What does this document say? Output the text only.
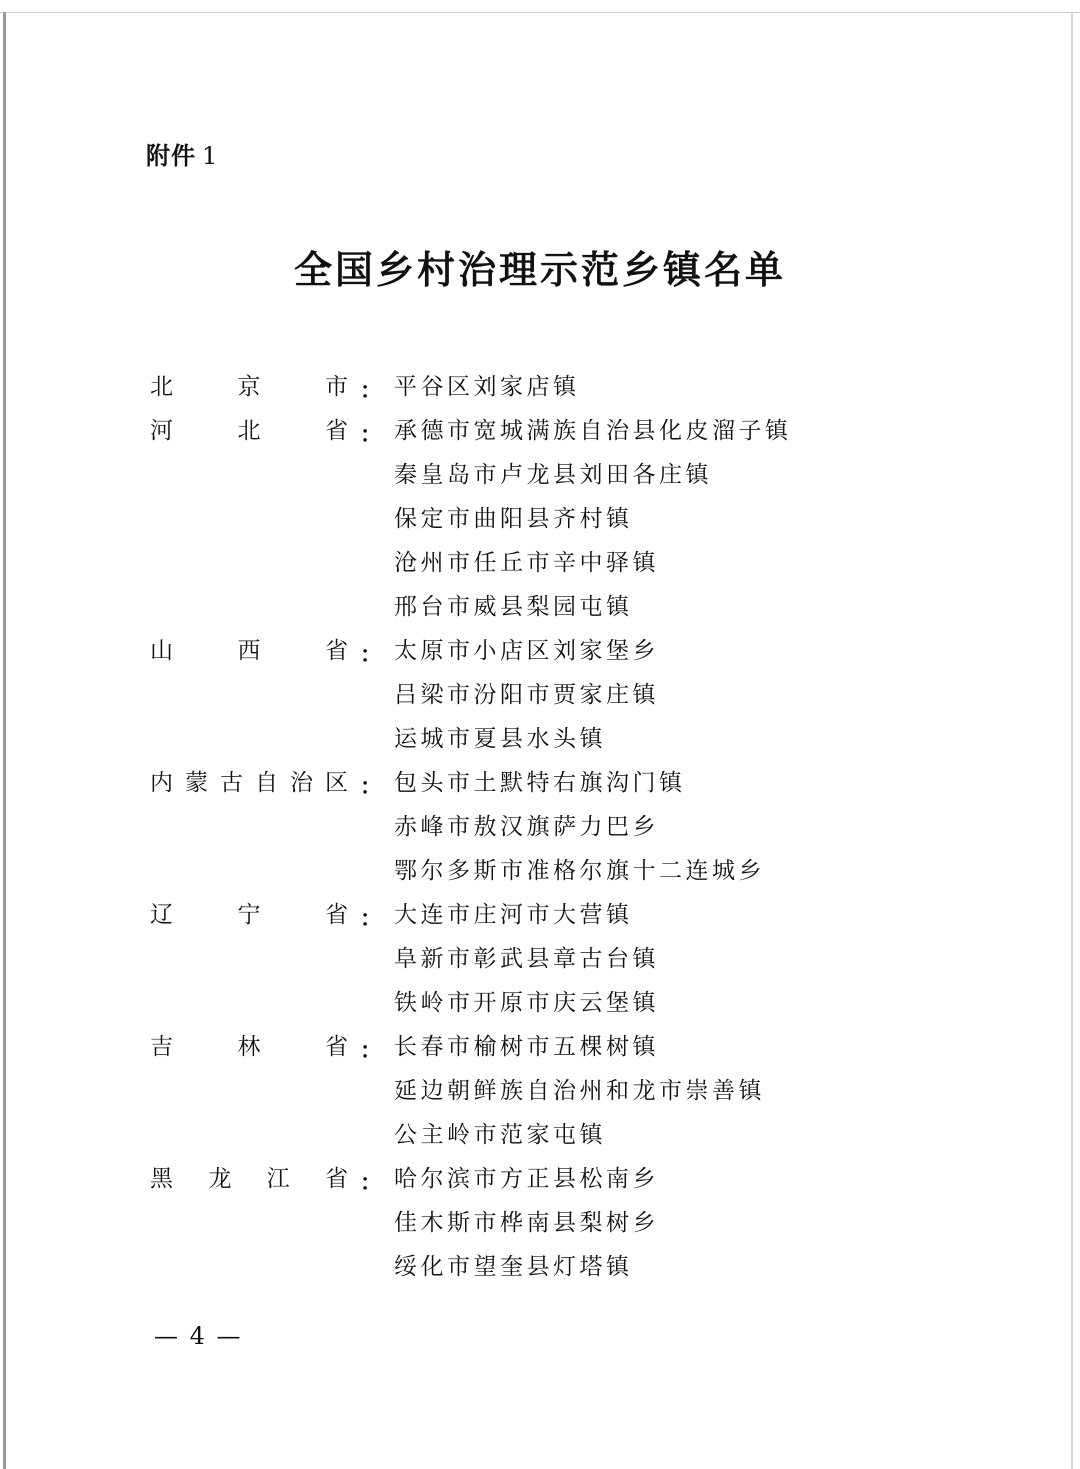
附件 1
全国乡村治理示范乡镇名单
北	京	市 ： 平谷区刘家店镇
河	北	省 ： 承德市宽城满族自治县化皮溜子镇
秦皇岛市卢龙县刘田各庄镇
保定市曲阳县齐村镇
沧州市任丘市辛中驿镇
邢台市威县梨园屯镇
山	西	省 ： 太原市小店区刘家堡乡
吕梁市汾阳市贾家庄镇
运城市夏县水头镇
内 蒙 古 自 治 区 ： 包头市土默特右旗沟门镇
赤峰市敖汉旗萨力巴乡
鄂尔多斯市准格尔旗十二连城乡
辽	宁	省 ： 大连市庄河市大营镇
阜新市彰武县章古台镇
铁岭市开原市庆云堡镇
吉	林	省 ： 长春市榆树市五棵树镇
延边朝鲜族自治州和龙市崇善镇
公主岭市范家屯镇
黑 龙 江 省 ： 哈尔滨市方正县松南乡
佳木斯市桦南县梨树乡
绥化市望奎县灯塔镇
— 4 —
